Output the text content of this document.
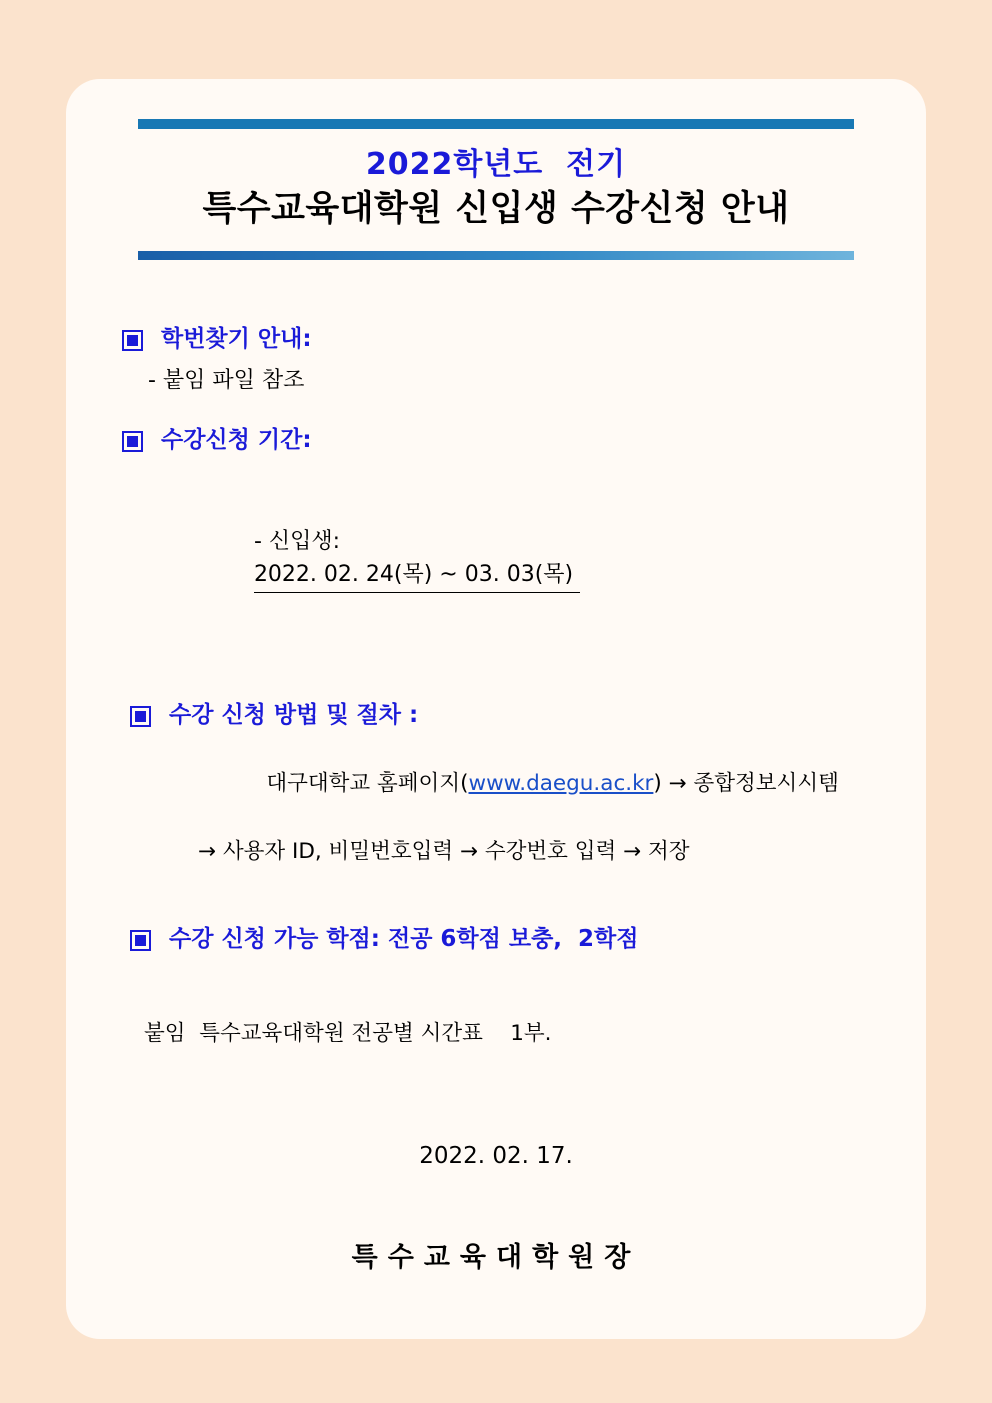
2022학년도  전기
특수교육대학원 신입생 수강신청 안내
학번찾기 안내:
- 붙임 파일 참조
수강신청 기간:

- 신입생:
2022. 02. 24(목) ~ 03. 03(목)

수강 신청 방법 및 절차 :

대구대학교 홈페이지(www.daegu.ac.kr) → 종합정보시시템

→ 사용자 ID, 비밀번호입력 → 수강번호 입력 → 저장
수강 신청 가능 학점: 전공 6학점 보충,  2학점
붙임  특수교육대학원 전공별 시간표    1부.
2022. 02. 17.
특수교육대학원장
